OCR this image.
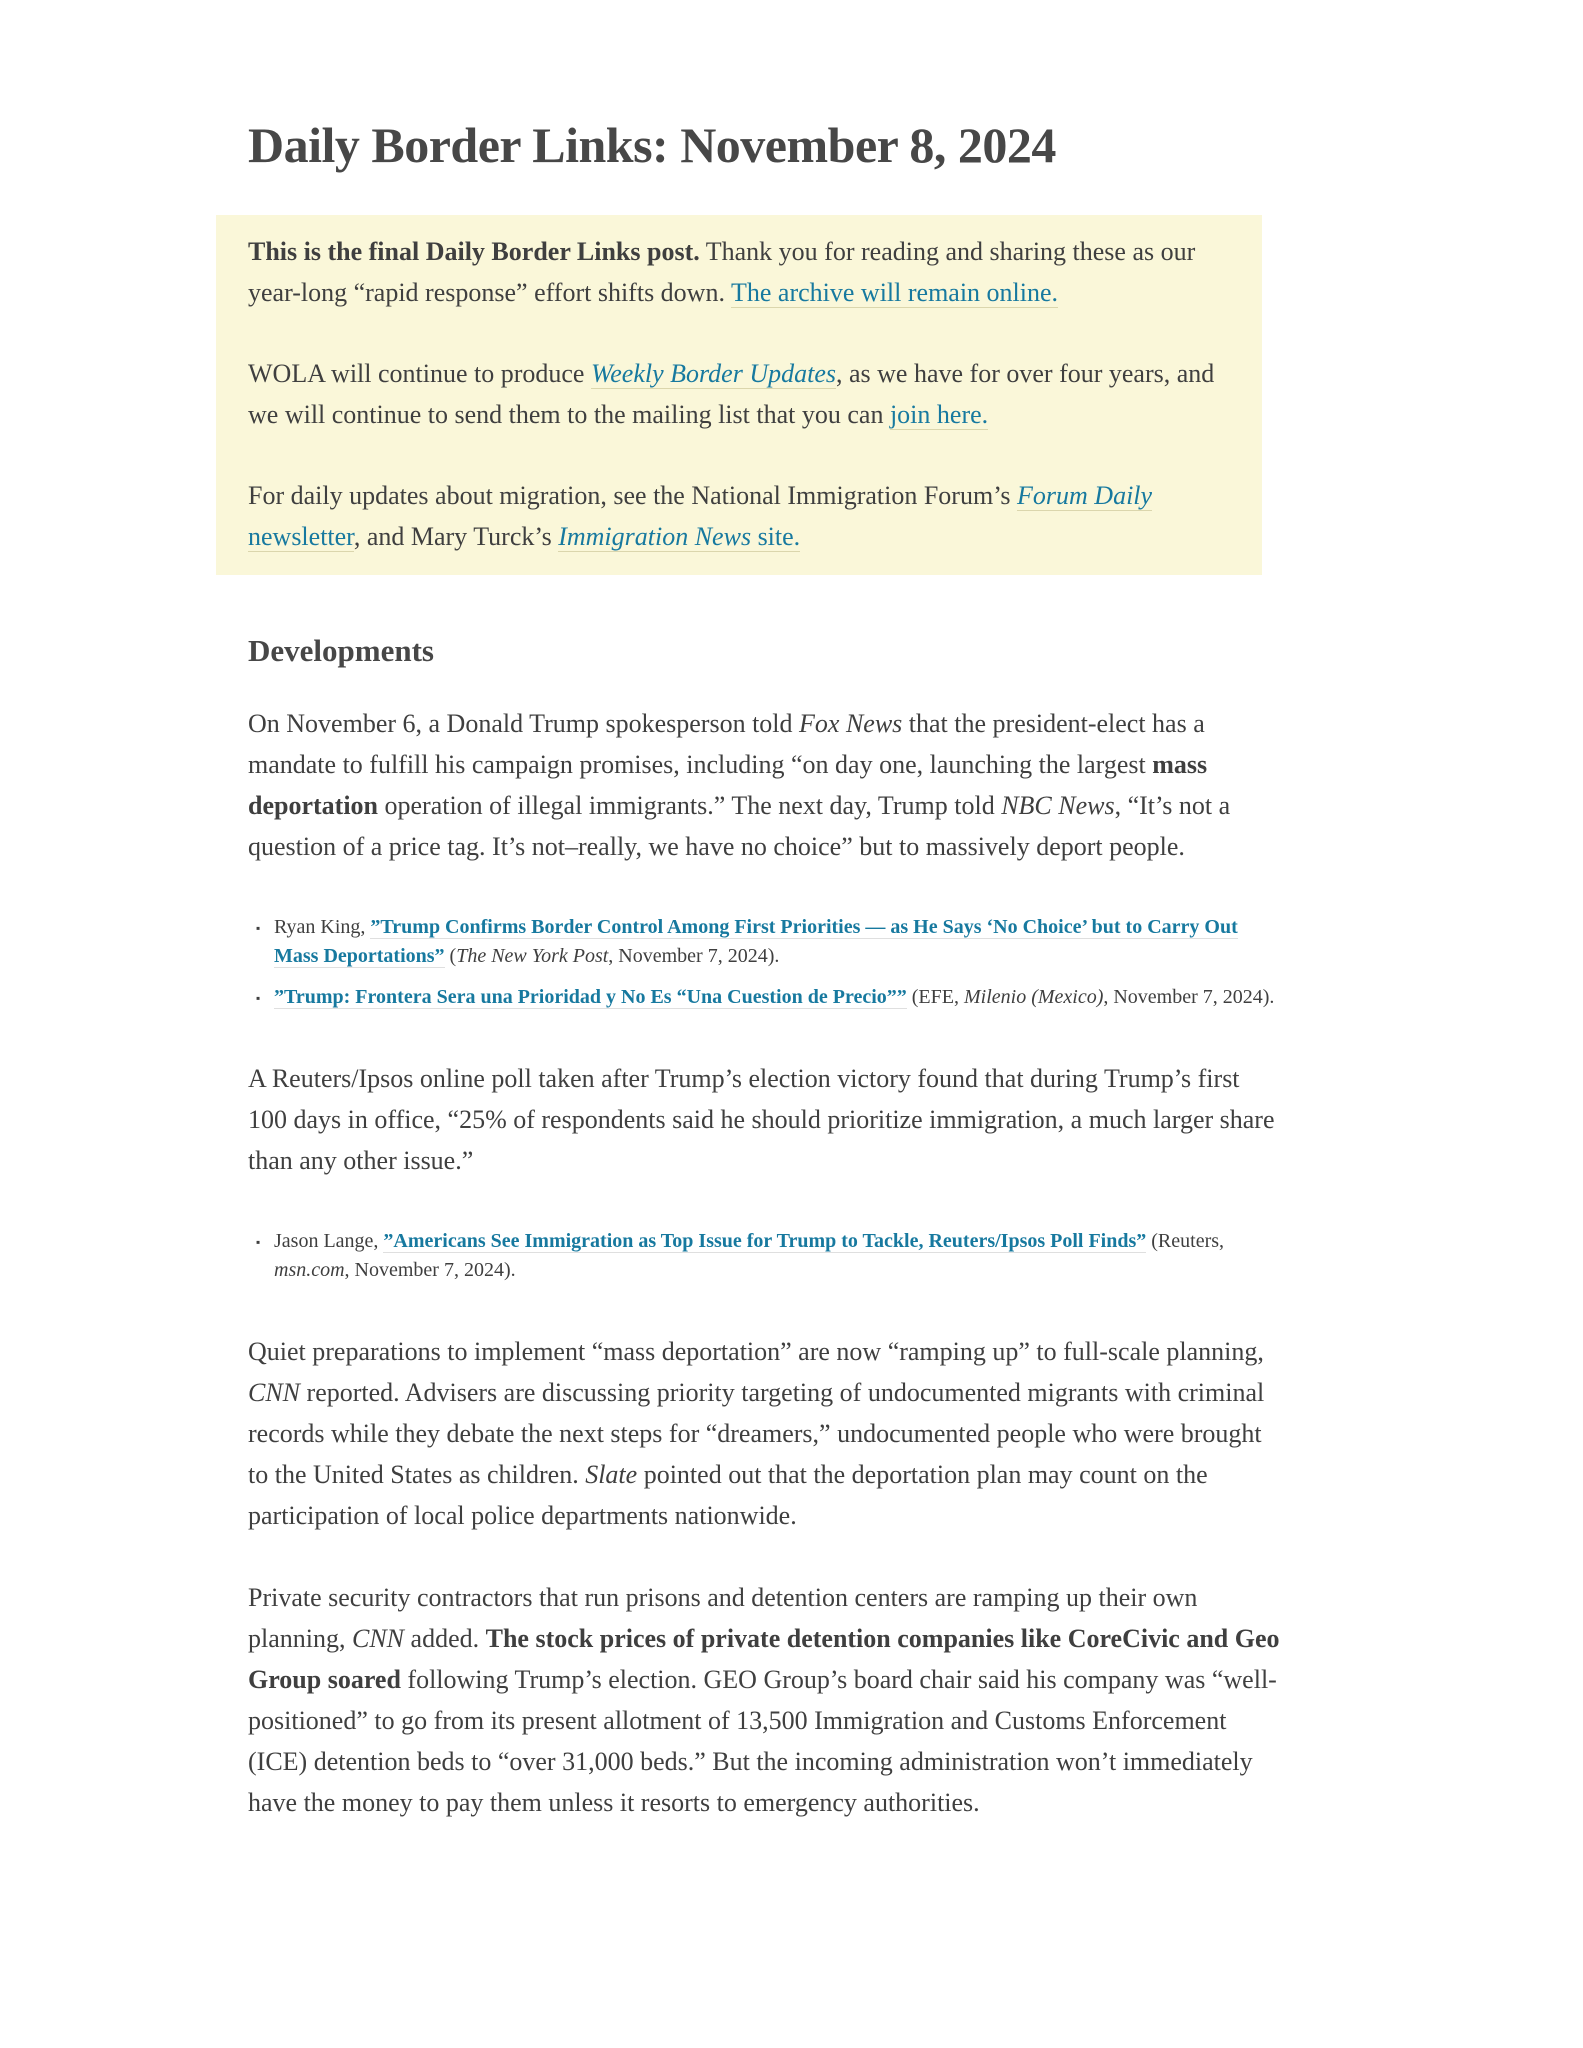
Daily Border Links: November 8, 2024

This is the final Daily Border Links post. Thank you for reading and sharing these as our year-long “rapid response” effort shifts down. The archive will remain online.

WOLA will continue to produce Weekly Border Updates, as we have for over four years, and we will continue to send them to the mailing list that you can join here.

For daily updates about migration, see the National Immigration Forum’s Forum Daily newsletter, and Mary Turck’s Immigration News site.

Developments

On November 6, a Donald Trump spokesperson told Fox News that the president-elect has a mandate to fulfill his campaign promises, including “on day one, launching the largest mass deportation operation of illegal immigrants.” The next day, Trump told NBC News, “It’s not a question of a price tag. It’s not–really, we have no choice” but to massively deport people.

▪ Ryan King, ”Trump Confirms Border Control Among First Priorities — as He Says ‘No Choice’ but to Carry Out Mass Deportations” (The New York Post, November 7, 2024).
▪ ”Trump: Frontera Sera una Prioridad y No Es “Una Cuestion de Precio”” (EFE, Milenio (Mexico), November 7, 2024).

A Reuters/Ipsos online poll taken after Trump’s election victory found that during Trump’s first 100 days in office, “25% of respondents said he should prioritize immigration, a much larger share than any other issue.”

▪ Jason Lange, ”Americans See Immigration as Top Issue for Trump to Tackle, Reuters/Ipsos Poll Finds” (Reuters, msn.com, November 7, 2024).

Quiet preparations to implement “mass deportation” are now “ramping up” to full-scale planning, CNN reported. Advisers are discussing priority targeting of undocumented migrants with criminal records while they debate the next steps for “dreamers,” undocumented people who were brought to the United States as children. Slate pointed out that the deportation plan may count on the participation of local police departments nationwide.

Private security contractors that run prisons and detention centers are ramping up their own planning, CNN added. The stock prices of private detention companies like CoreCivic and Geo Group soared following Trump’s election. GEO Group’s board chair said his company was “well-positioned” to go from its present allotment of 13,500 Immigration and Customs Enforcement (ICE) detention beds to “over 31,000 beds.” But the incoming administration won’t immediately have the money to pay them unless it resorts to emergency authorities.
